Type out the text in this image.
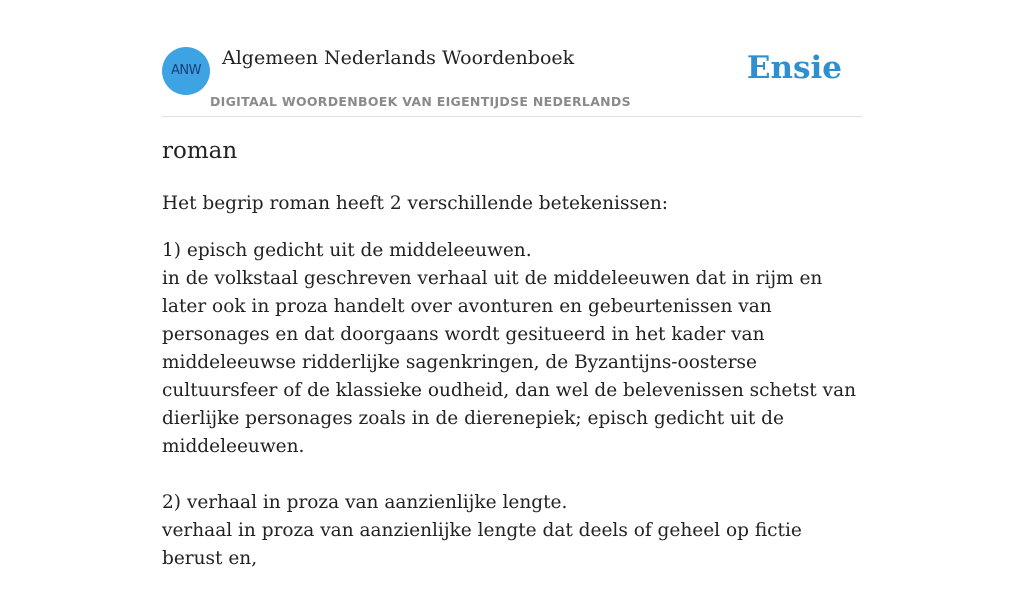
ANW
Algemeen Nederlands Woordenboek
DIGITAAL WOORDENBOEK VAN EIGENTIJDSE NEDERLANDS
Ensie
roman

Het begrip roman heeft 2 verschillende betekenissen:

1) episch gedicht uit de middeleeuwen.
in de volkstaal geschreven verhaal uit de middeleeuwen dat in rijm en later ook in proza handelt over avonturen en gebeurtenissen van personages en dat doorgaans wordt gesitueerd in het kader van middeleeuwse ridderlijke sagenkringen, de Byzantijns-oosterse cultuursfeer of de klassieke oudheid, dan wel de belevenissen schetst van dierlijke personages zoals in de dierenepiek; episch gedicht uit de middeleeuwen.

2) verhaal in proza van aanzienlijke lengte.
verhaal in proza van aanzienlijke lengte dat deels of geheel op fictie berust en,
